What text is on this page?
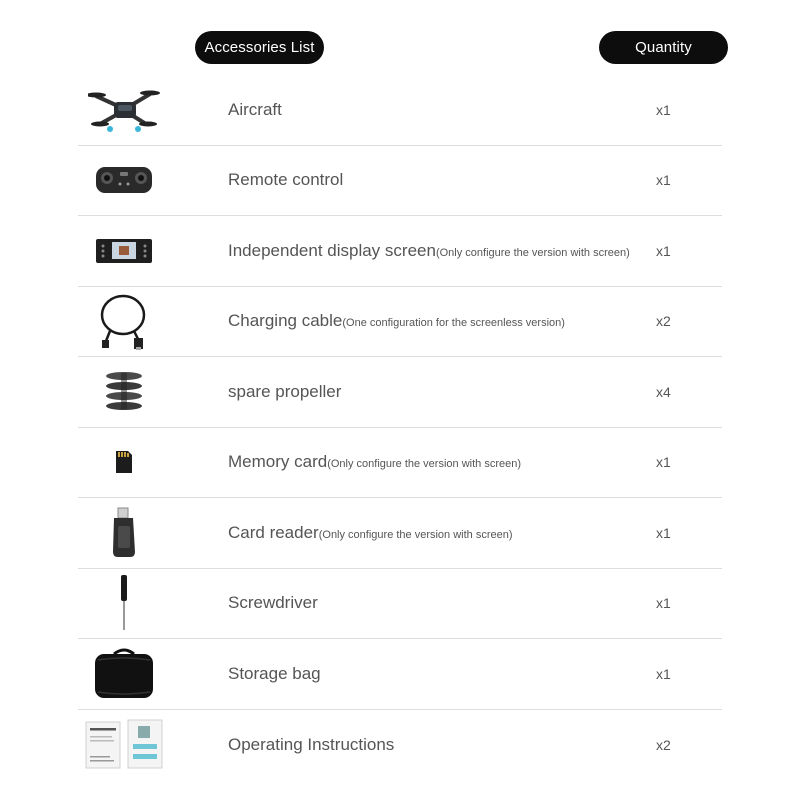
Accessories List	Quantity
Aircraft	x1
Remote control	x1
Independent display screen(Only configure the version with screen) x1
Charging cable(One configuration for the screenless version)	x2
spare propeller	x4
Memory card(Only configure the version with screen)	x1
Card reader(Only configure the version with screen)	x1
Screwdriver	x1
Storage bag	x1
Operating Instructions	x2
